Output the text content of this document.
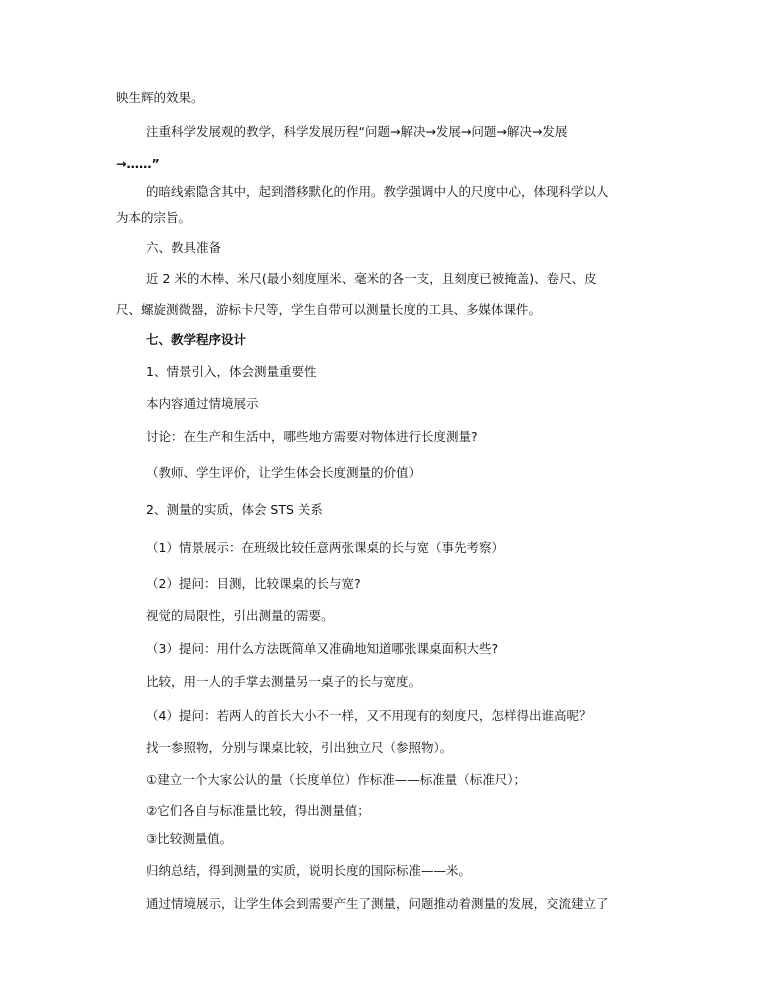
映生辉的效果。
注重科学发展观的教学，科学发展历程“问题→解决→发展→问题→解决→发展
→……”
的暗线索隐含其中，起到潜移默化的作用。教学强调中人的尺度中心，体现科学以人
为本的宗旨。
六、教具准备
近 2 米的木棒、米尺(最小刻度厘米、毫米的各一支，且刻度已被掩盖)、卷尺、皮
尺、螺旋测微器，游标卡尺等，学生自带可以测量长度的工具、多媒体课件。
七、教学程序设计
1、情景引入，体会测量重要性
本内容通过情境展示
讨论：在生产和生活中，哪些地方需要对物体进行长度测量?
（教师、学生评价，让学生体会长度测量的价值）
2、测量的实质，体会 STS 关系
（1）情景展示：在班级比较任意两张课桌的长与宽（事先考察）
（2）提问：目测，比较课桌的长与宽?
视觉的局限性，引出测量的需要。
（3）提问：用什么方法既简单又准确地知道哪张课桌面积大些?
比较，用一人的手掌去测量另一桌子的长与宽度。
（4）提问：若两人的首长大小不一样，又不用现有的刻度尺，怎样得出谁高呢？
找一参照物，分别与课桌比较，引出独立尺（参照物）。
①建立一个大家公认的量（长度单位）作标准——标准量（标准尺）；
②它们各自与标准量比较，得出测量值；
③比较测量值。
归纳总结，得到测量的实质，说明长度的国际标准——米。
通过情境展示，让学生体会到需要产生了测量，问题推动着测量的发展，交流建立了
